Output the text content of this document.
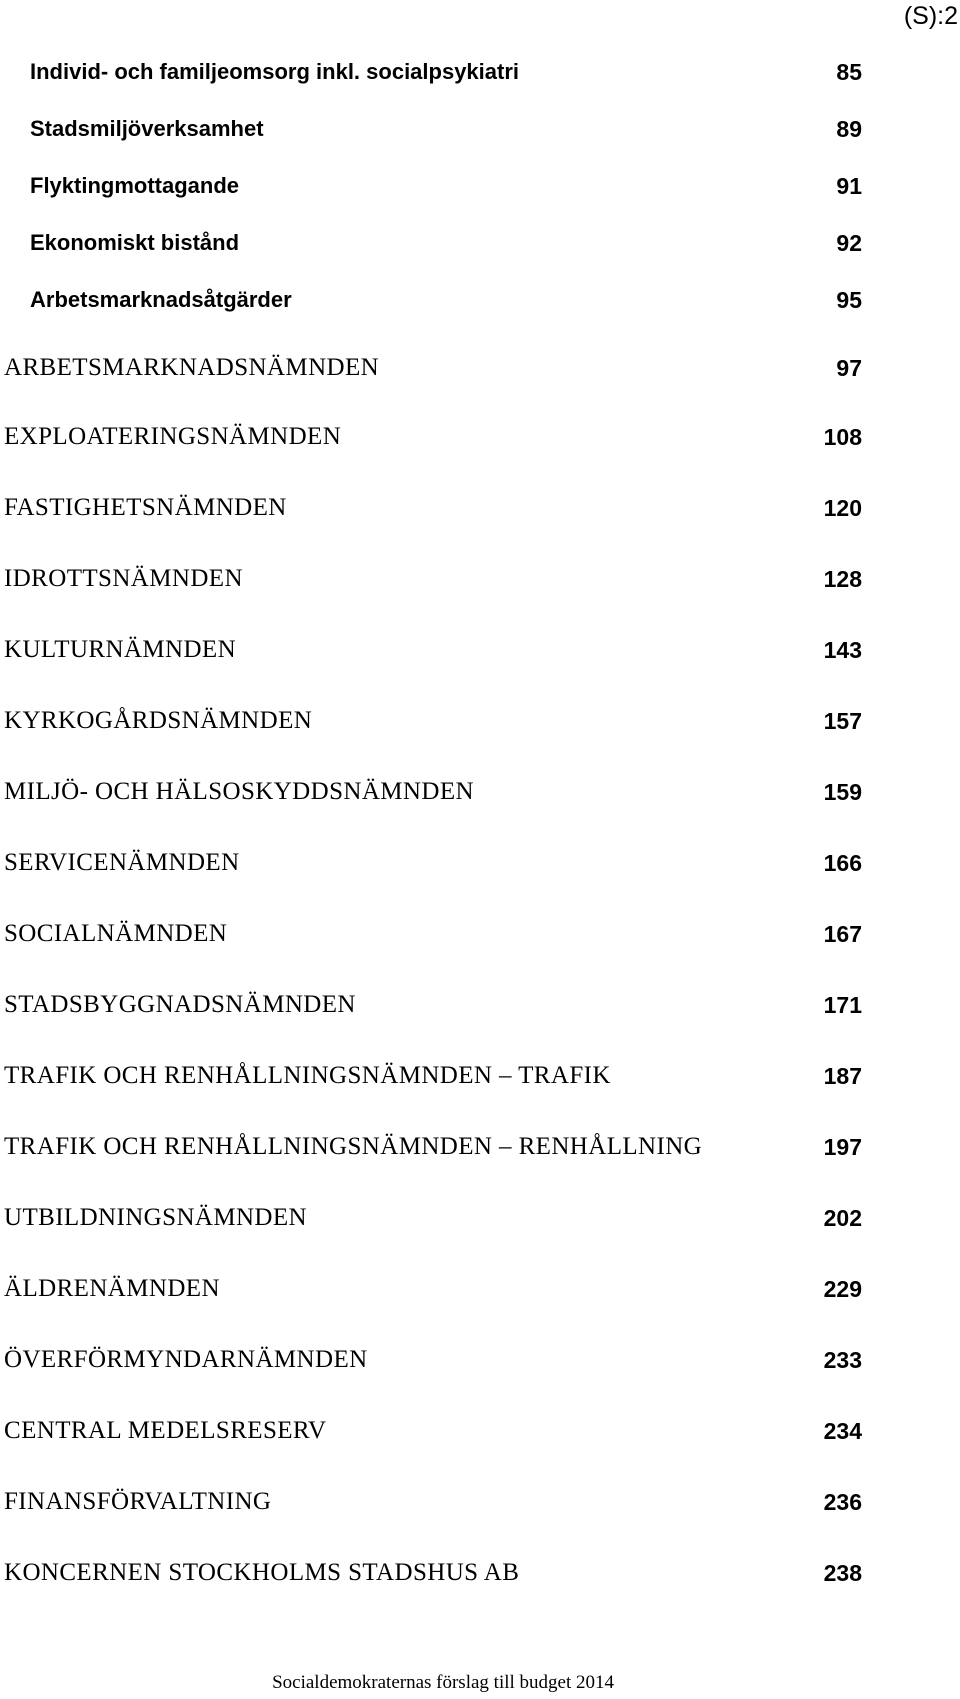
(S):2
Individ- och familjeomsorg inkl. socialpsykiatri	85
Stadsmiljöverksamhet	89
Flyktingmottagande	91
Ekonomiskt bistånd	92
Arbetsmarknadsåtgärder	95
ARBETSMARKNADSNÄMNDEN	97
EXPLOATERINGSNÄMNDEN	108
FASTIGHETSNÄMNDEN	120
IDROTTSNÄMNDEN	128
KULTURNÄMNDEN	143
KYRKOGÅRDSNÄMNDEN	157
MILJÖ- OCH HÄLSOSKYDDSNÄMNDEN	159
SERVICENÄMNDEN	166
SOCIALNÄMNDEN	167
STADSBYGGNADSNÄMNDEN	171
TRAFIK OCH RENHÅLLNINGSNÄMNDEN – TRAFIK	187
TRAFIK OCH RENHÅLLNINGSNÄMNDEN – RENHÅLLNING	197
UTBILDNINGSNÄMNDEN	202
ÄLDRENÄMNDEN	229
ÖVERFÖRMYNDARNÄMNDEN	233
CENTRAL MEDELSRESERV	234
FINANSFÖRVALTNING	236
KONCERNEN STOCKHOLMS STADSHUS AB	238
Socialdemokraternas förslag till budget 2014
